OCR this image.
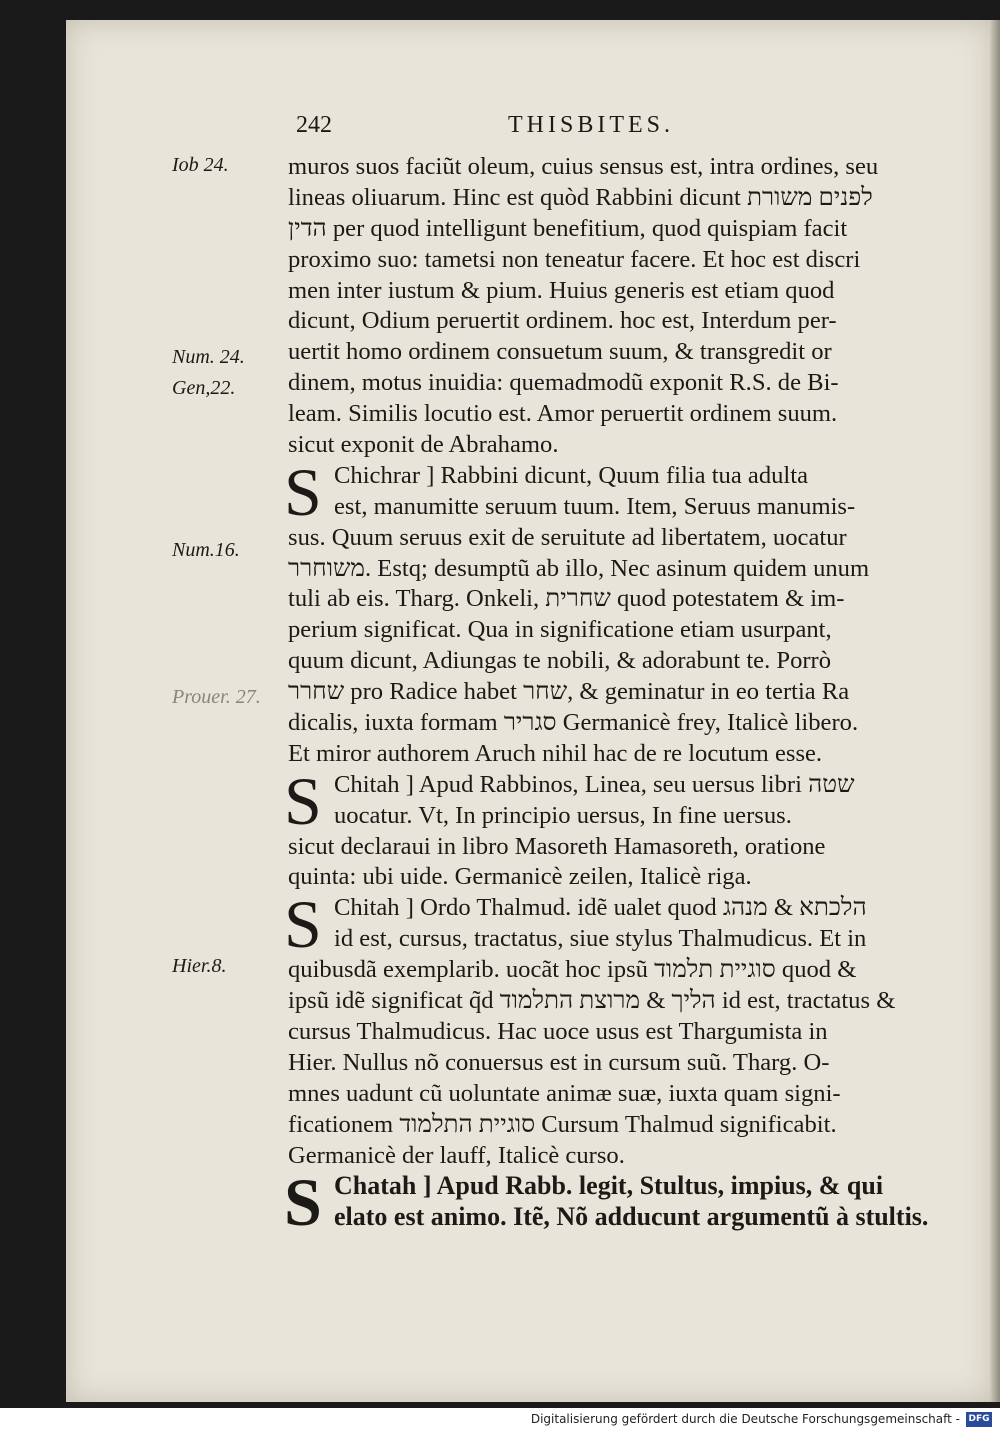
242	THISBITES.
Iob 24.
Num. 24.
Gen,22.
Num.16.
Prouer. 27.
Hier.8.
muros suos faciũt oleum, cuius sensus est, intra ordines, seu
lineas oliuarum. Hinc est quòd Rabbini dicunt לפנים משורת
הדין per quod intelligunt benefitium, quod quispiam facit
proximo suo: tametsi non teneatur facere. Et hoc est discri
men inter iustum & pium. Huius generis est etiam quod
dicunt, Odium peruertit ordinem. hoc est, Interdum per-
uertit homo ordinem consuetum suum, & transgredit or
dinem, motus inuidia: quemadmodũ exponit R.S. de Bi-
leam. Similis locutio est. Amor peruertit ordinem suum.
sicut exponit de Abrahamo.
S Chichrar ] Rabbini dicunt, Quum filia tua adulta
est, manumitte seruum tuum. Item, Seruus manumis-
sus. Quum seruus exit de seruitute ad libertatem, uocatur
משוחרר. Estq; desumptũ ab illo, Nec asinum quidem unum
tuli ab eis. Tharg. Onkeli, שחרית quod potestatem & im-
perium significat. Qua in significatione etiam usurpant,
quum dicunt, Adiungas te nobili, & adorabunt te. Porrò
שחרר pro Radice habet שחר, & geminatur in eo tertia Ra
dicalis, iuxta formam סגריר Germanicè frey, Italicè libero.
Et miror authorem Aruch nihil hac de re locutum esse.
S Chitah ] Apud Rabbinos, Linea, seu uersus libri שטה
uocatur. Vt, In principio uersus, In fine uersus.
sicut declaraui in libro Masoreth Hamasoreth, oratione
quinta: ubi uide. Germanicè zeilen, Italicè riga.
S Chitah ] Ordo Thalmud. idẽ ualet quod הלכתא & מנהג
id est, cursus, tractatus, siue stylus Thalmudicus. Et in
quibusdã exemplarib. uocãt hoc ipsũ סוגיית תלמוד quod &
ipsũ idẽ significat q̃d הליך & מרוצת התלמוד id est, tractatus &
cursus Thalmudicus. Hac uoce usus est Thargumista in
Hier. Nullus nõ conuersus est in cursum suũ. Tharg. O-
mnes uadunt cũ uoluntate animæ suæ, iuxta quam signi-
ficationem סוגיית התלמוד Cursum Thalmud significabit.
Germanicè der lauff, Italicè curso.
S Chatah ] Apud Rabb. legit, Stultus, impius, & qui
elato est animo. Itẽ, Nõ adducunt argumentũ à stultis.
Digitalisierung gefördert durch die Deutsche Forschungsgemeinschaft - DFG
